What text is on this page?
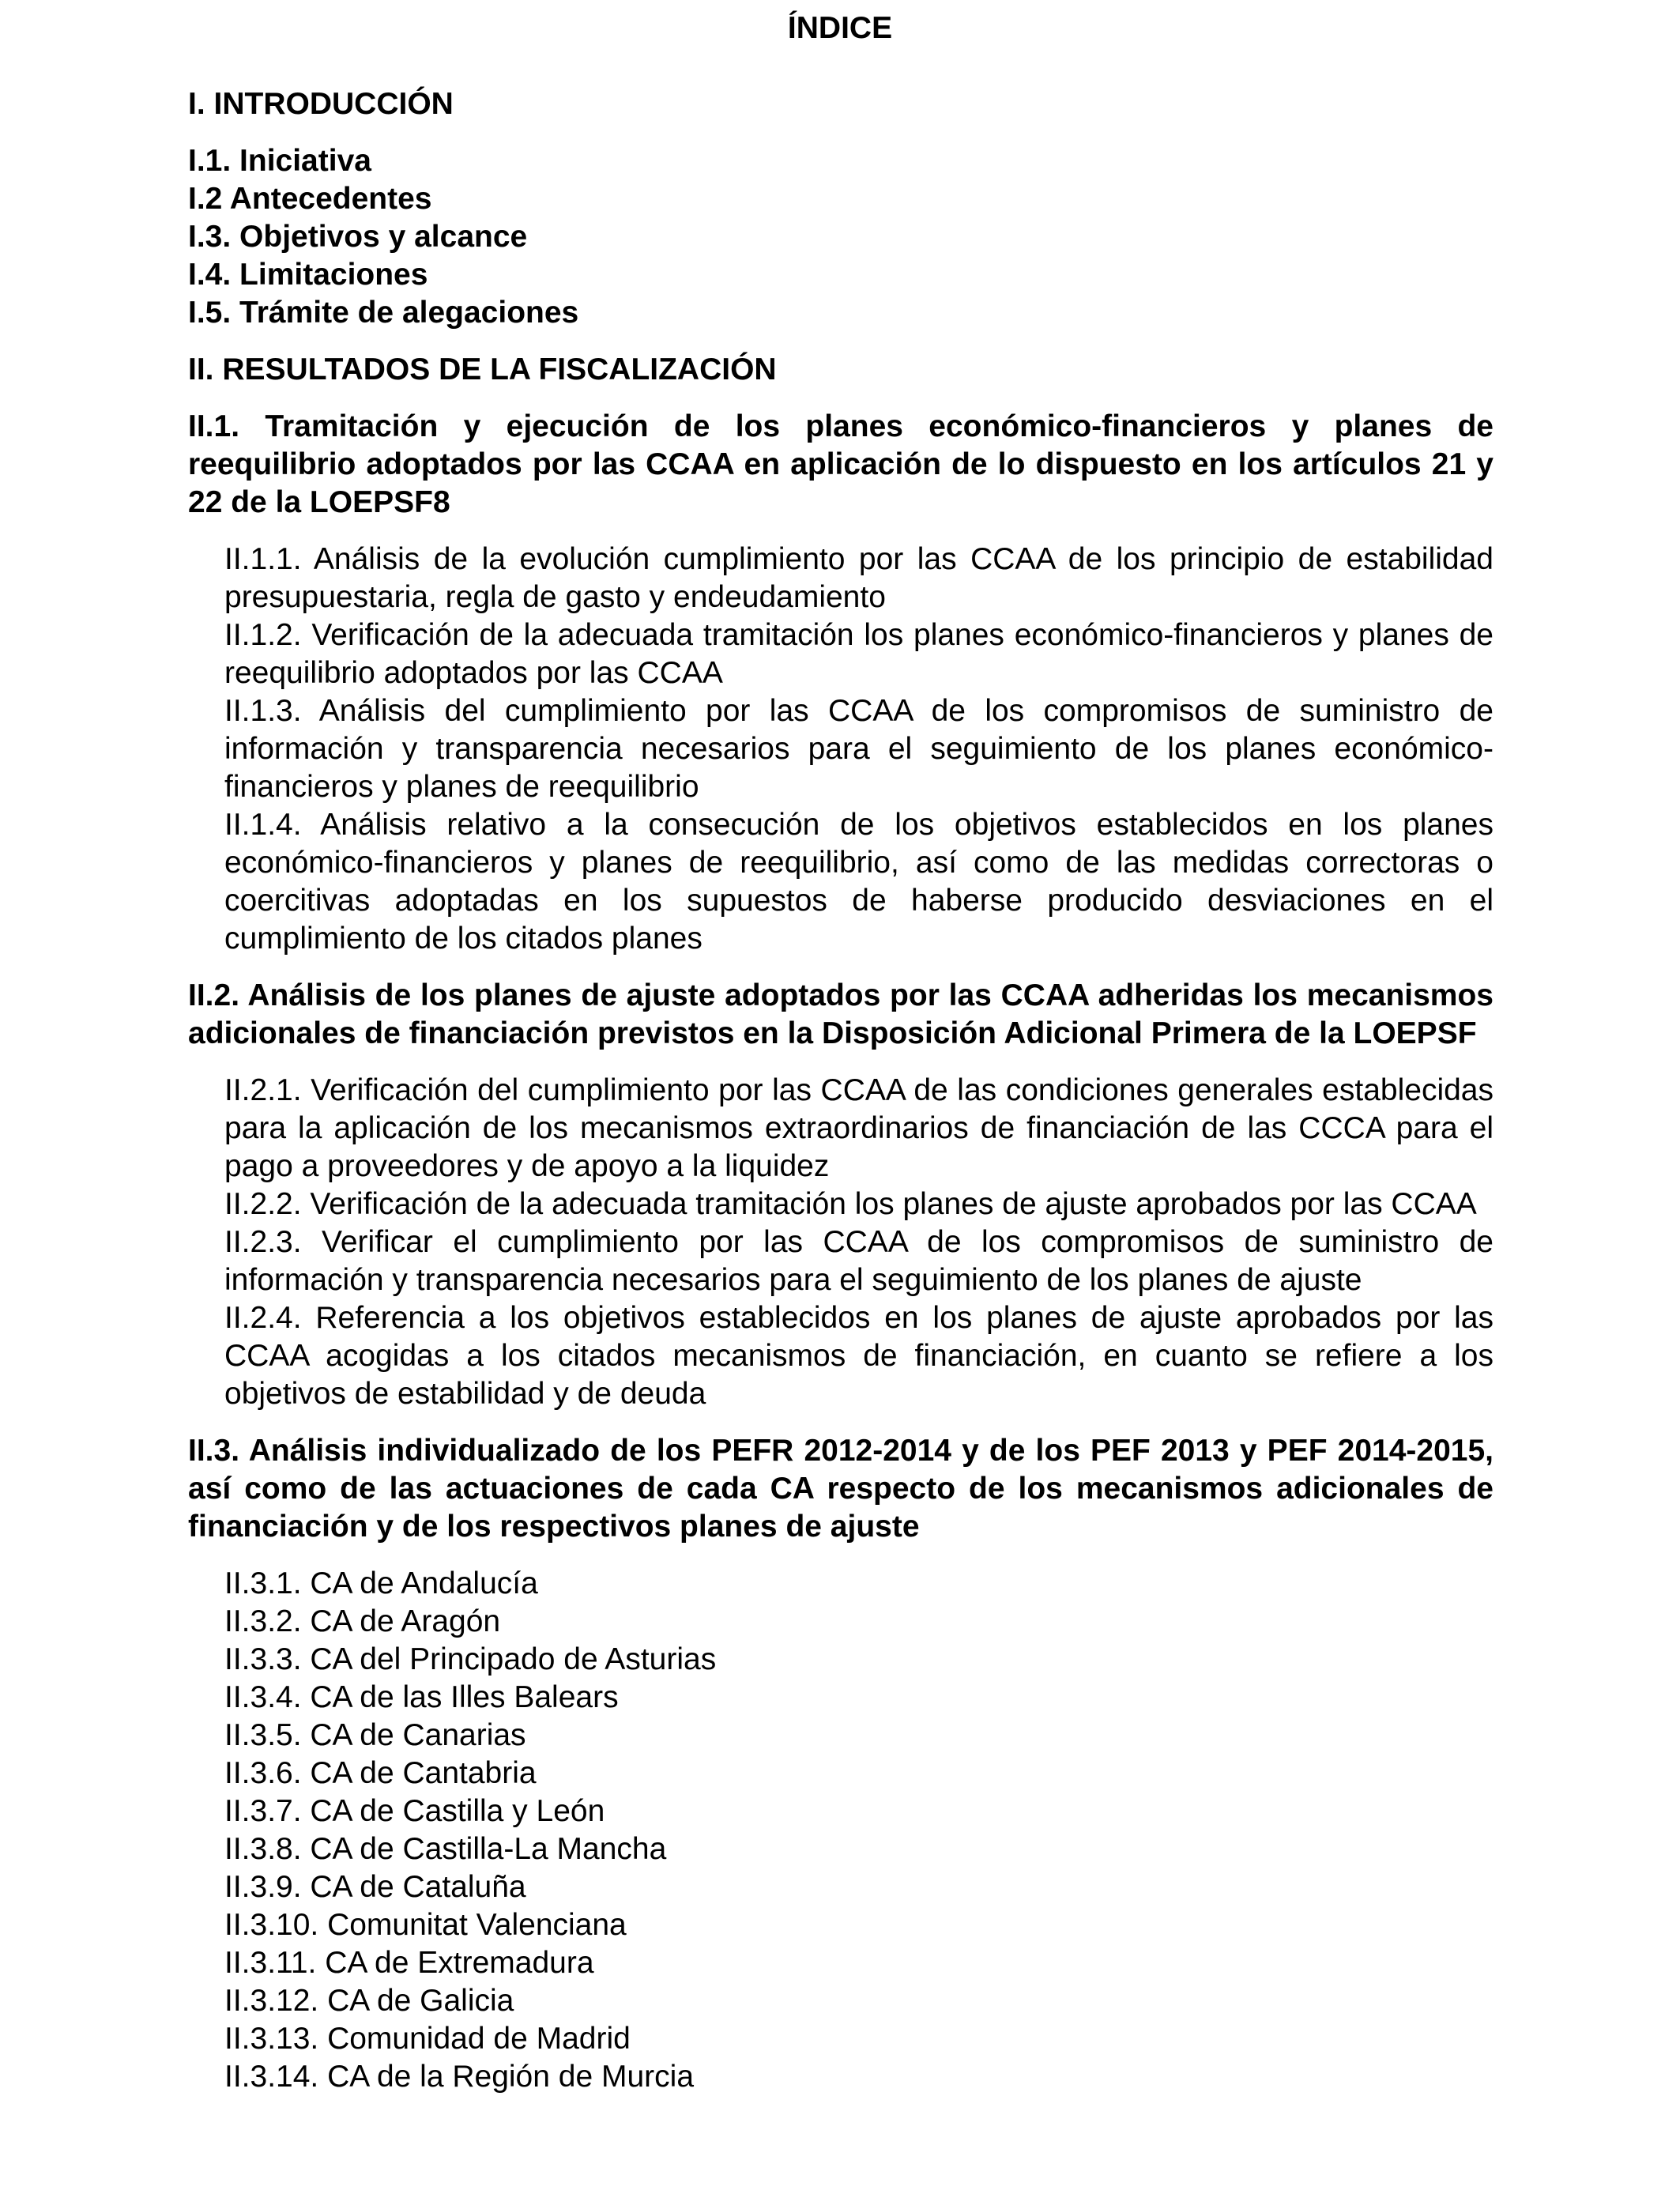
ÍNDICE
I. INTRODUCCIÓN
I.1. Iniciativa
I.2 Antecedentes
I.3. Objetivos y alcance
I.4. Limitaciones
I.5. Trámite de alegaciones
II. RESULTADOS DE LA FISCALIZACIÓN
II.1. Tramitación y ejecución de los planes económico-financieros y planes de reequilibrio adoptados por las CCAA en aplicación de lo dispuesto en los artículos 21 y 22 de la LOEPSF8
II.1.1. Análisis de la evolución cumplimiento por las CCAA de los principio de estabilidad presupuestaria, regla de gasto y endeudamiento
II.1.2. Verificación de la adecuada tramitación los planes económico-financieros y planes de reequilibrio adoptados por las CCAA
II.1.3. Análisis del cumplimiento por las CCAA de los compromisos de suministro de información y transparencia necesarios para el seguimiento de los planes económico-financieros y planes de reequilibrio
II.1.4. Análisis relativo a la consecución de los objetivos establecidos en los planes económico-financieros y planes de reequilibrio, así como de las medidas correctoras o coercitivas adoptadas en los supuestos de haberse producido desviaciones en el cumplimiento de los citados planes
II.2. Análisis de los planes de ajuste adoptados por las CCAA adheridas los mecanismos adicionales de financiación previstos en la Disposición Adicional Primera de la LOEPSF
II.2.1. Verificación del cumplimiento por las CCAA de las condiciones generales establecidas para la aplicación de los mecanismos extraordinarios de financiación de las CCCA para el pago a proveedores y de apoyo a la liquidez
II.2.2. Verificación de la adecuada tramitación los planes de ajuste aprobados por las CCAA
II.2.3. Verificar el cumplimiento por las CCAA de los compromisos de suministro de información y transparencia necesarios para el seguimiento de los planes de ajuste
II.2.4. Referencia a los objetivos establecidos en los planes de ajuste aprobados por las CCAA acogidas a los citados mecanismos de financiación, en cuanto se refiere a los objetivos de estabilidad y de deuda
II.3. Análisis individualizado de los PEFR 2012-2014 y de los PEF 2013 y PEF 2014-2015, así como de las actuaciones de cada CA respecto de los mecanismos adicionales de financiación y de los respectivos planes de ajuste
II.3.1. CA de Andalucía
II.3.2. CA de Aragón
II.3.3. CA del Principado de Asturias
II.3.4. CA de las Illes Balears
II.3.5. CA de Canarias
II.3.6. CA de Cantabria
II.3.7. CA de Castilla y León
II.3.8. CA de Castilla-La Mancha
II.3.9. CA de Cataluña
II.3.10. Comunitat Valenciana
II.3.11. CA de Extremadura
II.3.12. CA de Galicia
II.3.13. Comunidad de Madrid
II.3.14. CA de la Región de Murcia
